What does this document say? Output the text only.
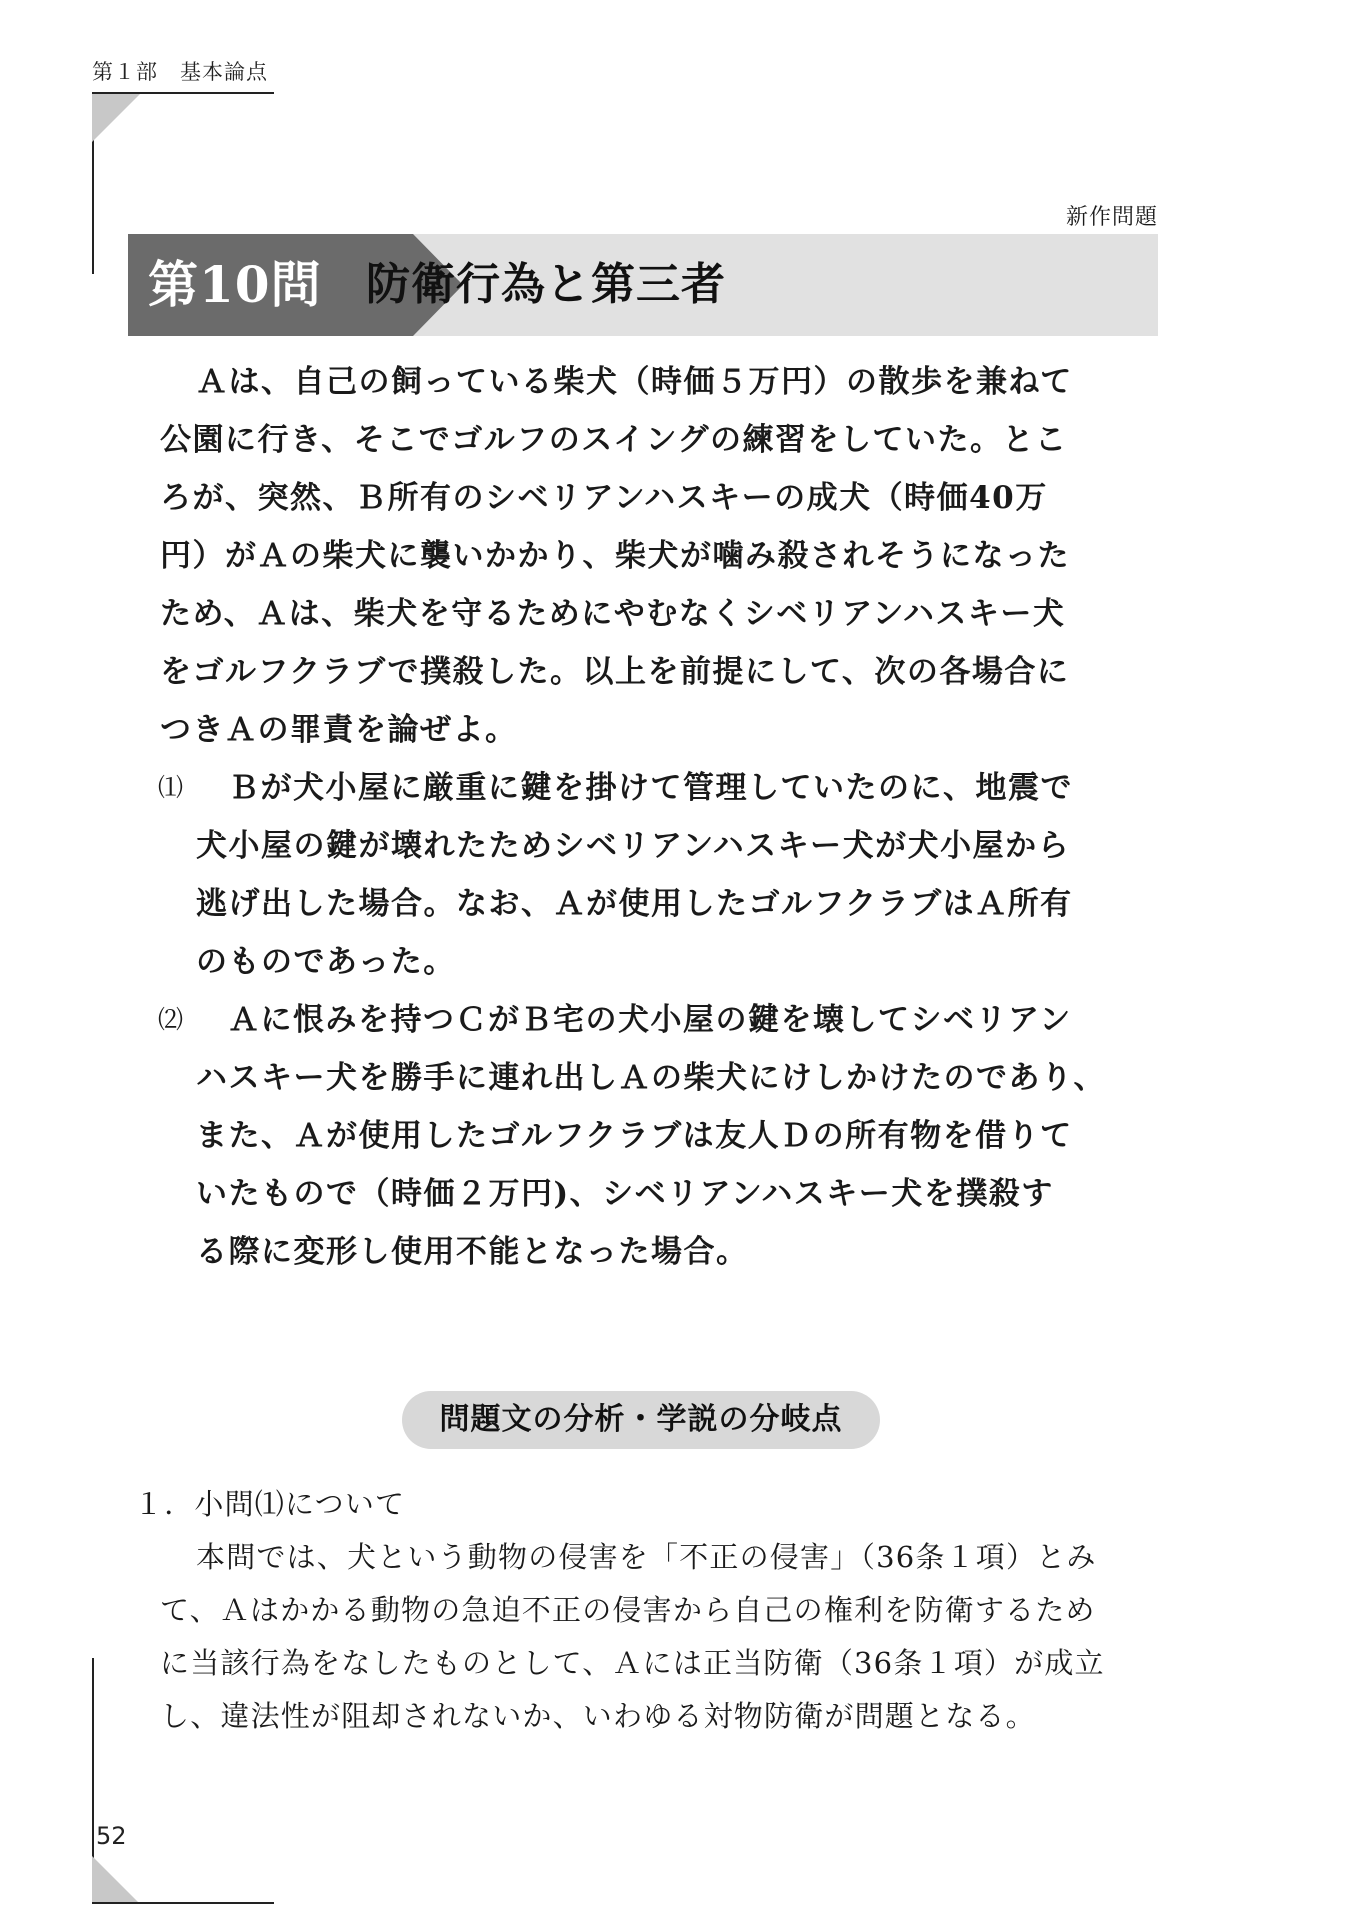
第１部　基本論点
新作問題
第10問 防衛行為と第三者
Ａは、自己の飼っている柴犬（時価５万円）の散歩を兼ねて
公園に行き、そこでゴルフのスイングの練習をしていた。とこ
ろが、突然、Ｂ所有のシベリアンハスキーの成犬（時価40万
円）がＡの柴犬に襲いかかり、柴犬が噛み殺されそうになった
ため、Ａは、柴犬を守るためにやむなくシベリアンハスキー犬
をゴルフクラブで撲殺した。以上を前提にして、次の各場合に
つきＡの罪責を論ぜよ。
⑴ Ｂが犬小屋に厳重に鍵を掛けて管理していたのに、地震で
犬小屋の鍵が壊れたためシベリアンハスキー犬が犬小屋から
逃げ出した場合。なお、Ａが使用したゴルフクラブはＡ所有
のものであった。
⑵ Ａに恨みを持つＣがＢ宅の犬小屋の鍵を壊してシベリアン
ハスキー犬を勝手に連れ出しＡの柴犬にけしかけたのであり、
また、Ａが使用したゴルフクラブは友人Ｄの所有物を借りて
いたもので（時価２万円)、シベリアンハスキー犬を撲殺す
る際に変形し使用不能となった場合。
問題文の分析・学説の分岐点
１．小問⑴について
本問では、犬という動物の侵害を「不正の侵害」（36条１項）とみ
て、Ａはかかる動物の急迫不正の侵害から自己の権利を防衛するため
に当該行為をなしたものとして、Ａには正当防衛（36条１項）が成立
し、違法性が阻却されないか、いわゆる対物防衛が問題となる。
52
